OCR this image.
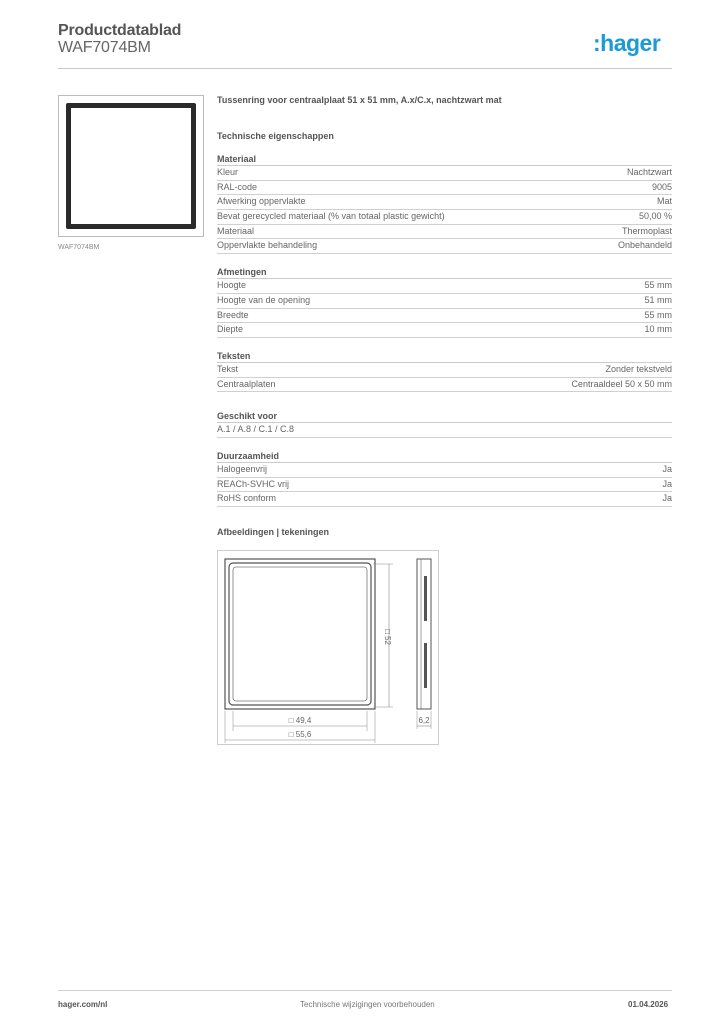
Productdatablad
WAF7074BM	:hager
WAF7074BM
Tussenring voor centraalplaat 51 x 51 mm, A.x/C.x, nachtzwart mat
Technische eigenschappen
Materiaal
Kleur	Nachtzwart
RAL-code	9005
Afwerking oppervlakte	Mat
Bevat gerecycled materiaal (% van totaal plastic gewicht)	50,00 %
Materiaal	Thermoplast
Oppervlakte behandeling	Onbehandeld
Afmetingen
Hoogte	55 mm
Hoogte van de opening	51 mm
Breedte	55 mm
Diepte	10 mm
Teksten
Tekst	Zonder tekstveld
Centraalplaten	Centraaldeel 50 x 50 mm
Geschikt voor
A.1 / A.8 / C.1 / C.8
Duurzaamheid
Halogeenvrij	Ja
REACh-SVHC vrij	Ja
RoHS conform	Ja
Afbeeldingen | tekeningen
□ 52
□ 49,4
□ 55,6
6,2
hager.com/nl	Technische wijzigingen voorbehouden	01.04.2026
